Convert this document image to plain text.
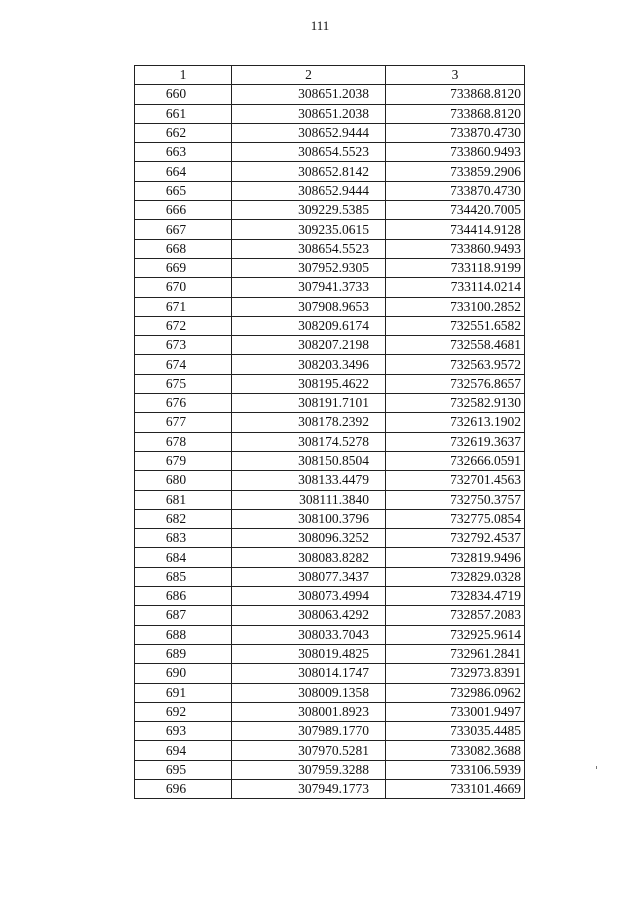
111
1	2	3
660	308651.2038	733868.8120
661	308651.2038	733868.8120
662	308652.9444	733870.4730
663	308654.5523	733860.9493
664	308652.8142	733859.2906
665	308652.9444	733870.4730
666	309229.5385	734420.7005
667	309235.0615	734414.9128
668	308654.5523	733860.9493
669	307952.9305	733118.9199
670	307941.3733	733114.0214
671	307908.9653	733100.2852
672	308209.6174	732551.6582
673	308207.2198	732558.4681
674	308203.3496	732563.9572
675	308195.4622	732576.8657
676	308191.7101	732582.9130
677	308178.2392	732613.1902
678	308174.5278	732619.3637
679	308150.8504	732666.0591
680	308133.4479	732701.4563
681	308111.3840	732750.3757
682	308100.3796	732775.0854
683	308096.3252	732792.4537
684	308083.8282	732819.9496
685	308077.3437	732829.0328
686	308073.4994	732834.4719
687	308063.4292	732857.2083
688	308033.7043	732925.9614
689	308019.4825	732961.2841
690	308014.1747	732973.8391
691	308009.1358	732986.0962
692	308001.8923	733001.9497
693	307989.1770	733035.4485
694	307970.5281	733082.3688
695	307959.3288	733106.5939
696	307949.1773	733101.4669
